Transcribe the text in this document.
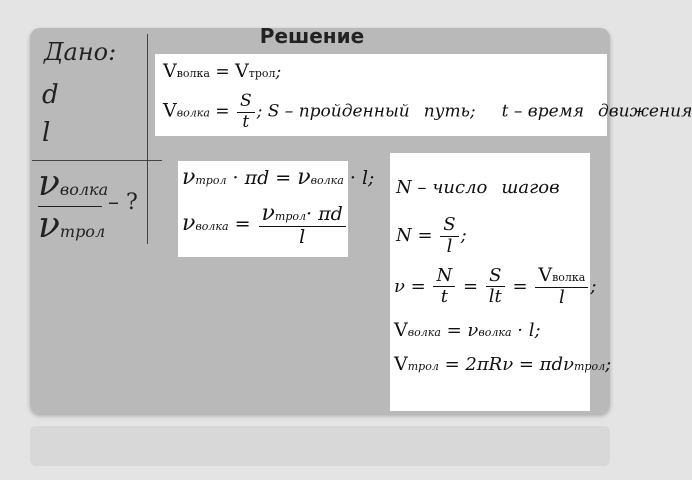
Решение
Дано:
d
l
νволка
νтрол
– ?
Vволка = Vтрол;
Vволка = $\frac{S}{t}$ ; S – пройденный путь; t – время движения
νтрол · πd = νволка · l;
νволка = $\frac{\text{νтрол· πd}}{l}$
N – число шагов
$N = \frac{S}{l}$ ;
$\nu = \frac{N}{t} = \frac{S}{lt} = \frac{\text{Vволка}}{l}$ ;
Vволка = νволка · l;
Vтрол = 2πRν = πdνтрол;
